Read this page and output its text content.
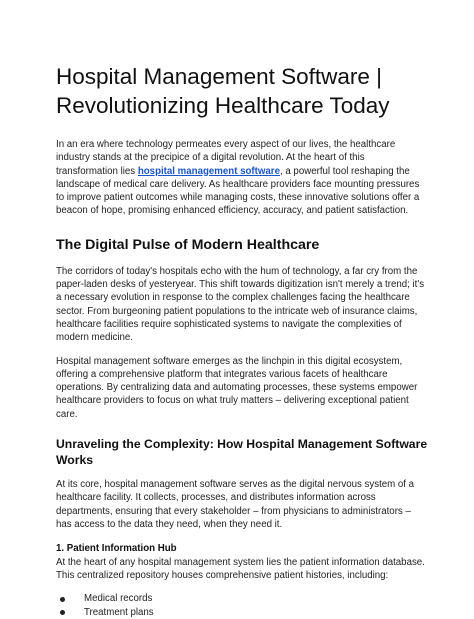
Hospital Management Software | Revolutionizing Healthcare Today

In an era where technology permeates every aspect of our lives, the healthcare industry stands at the precipice of a digital revolution. At the heart of this transformation lies hospital management software, a powerful tool reshaping the landscape of medical care delivery. As healthcare providers face mounting pressures to improve patient outcomes while managing costs, these innovative solutions offer a beacon of hope, promising enhanced efficiency, accuracy, and patient satisfaction.

The Digital Pulse of Modern Healthcare

The corridors of today's hospitals echo with the hum of technology, a far cry from the paper-laden desks of yesteryear. This shift towards digitization isn't merely a trend; it's a necessary evolution in response to the complex challenges facing the healthcare sector. From burgeoning patient populations to the intricate web of insurance claims, healthcare facilities require sophisticated systems to navigate the complexities of modern medicine.

Hospital management software emerges as the linchpin in this digital ecosystem, offering a comprehensive platform that integrates various facets of healthcare operations. By centralizing data and automating processes, these systems empower healthcare providers to focus on what truly matters – delivering exceptional patient care.

Unraveling the Complexity: How Hospital Management Software Works

At its core, hospital management software serves as the digital nervous system of a healthcare facility. It collects, processes, and distributes information across departments, ensuring that every stakeholder – from physicians to administrators – has access to the data they need, when they need it.

1. Patient Information Hub

At the heart of any hospital management system lies the patient information database. This centralized repository houses comprehensive patient histories, including:

Medical records
Treatment plans
